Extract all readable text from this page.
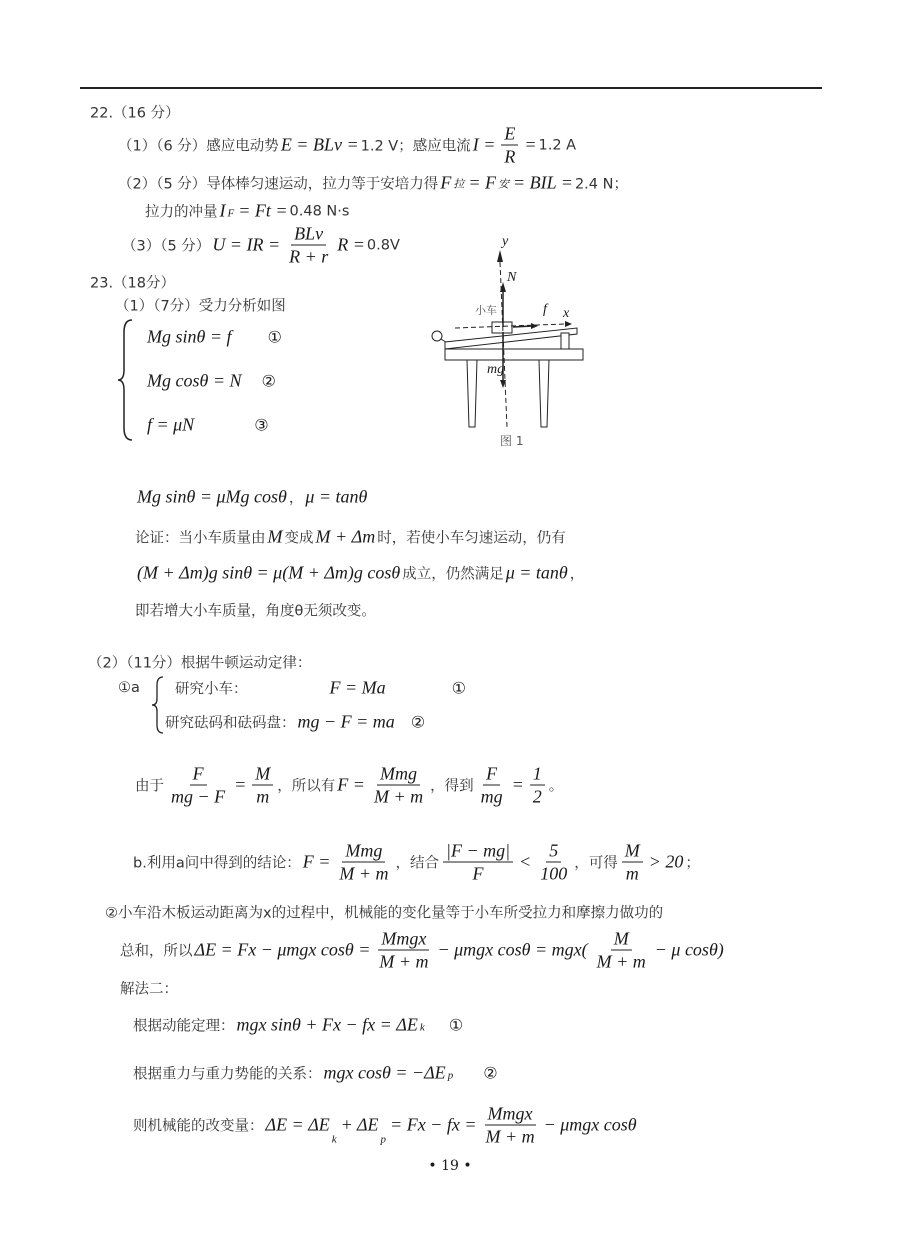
22.（16 分）
（1）（6 分）感应电动势 E = BLv = 1.2 V；感应电流 $I = \frac{E}{R} = 1.2$ A
（2）（5 分）导体棒匀速运动，拉力等于安培力得 F 拉 = F 安 = BIL = 2.4 N；
拉力的冲量 I F = Ft = 0.48 N·s
（3）（5 分） U = IR =
BLv
R + r
R = 0.8V
23.（18分）
（1）（7分）受力分析如图
Mg sinθ = f ①
Mg cosθ = N ②
f = μN	③
Mg sinθ = μMg cosθ ， μ = tanθ
论证：当小车质量由 M 变成 M + Δm 时，若使小车匀速运动，仍有
(M + Δm)g sinθ = μ(M + Δm)g cosθ 成立，仍然满足 μ = tanθ ，
即若增大小车质量，角度θ无须改变。
（2）（11分）根据牛顿运动定律：
①a 研究小车：	F = Ma	①
研究砝码和砝码盘： mg − F = ma ②
由于 $\frac{F}{mg - F} = \frac{M}{m}$ ，所以有 F =
Mmg
M + m ，得到 $\frac{F}{mg} = \frac{1}{2}$ 。
b.利用a问中得到的结论： F =
Mmg
M + m ，结合 $\frac{|F - mg|}{F} < \frac{5}{100}$ ，可得 $\frac{M}{m} > 20$ ；
②小车沿木板运动距离为x的过程中，机械能的变化量等于小车所受拉力和摩擦力做功的
总和，所以 ΔE = Fx − μmgx cosθ =
Mmgx
M + m
− μmgx $\cos\theta = mgx( \frac{M}{M + m} - \mu$ cosθ)
解法二：
根据动能定理： mgx sinθ + Fx − fx = ΔE k ①
根据重力与重力势能的关系： mgx cosθ = −ΔE p ②
则机械能的改变量： ΔE = ΔE
k
+ ΔE
p
= Fx − fx =
Mmgx
M + m
− μmgx cosθ
y
N
小车	f x
mg
图 1
• 19 •
